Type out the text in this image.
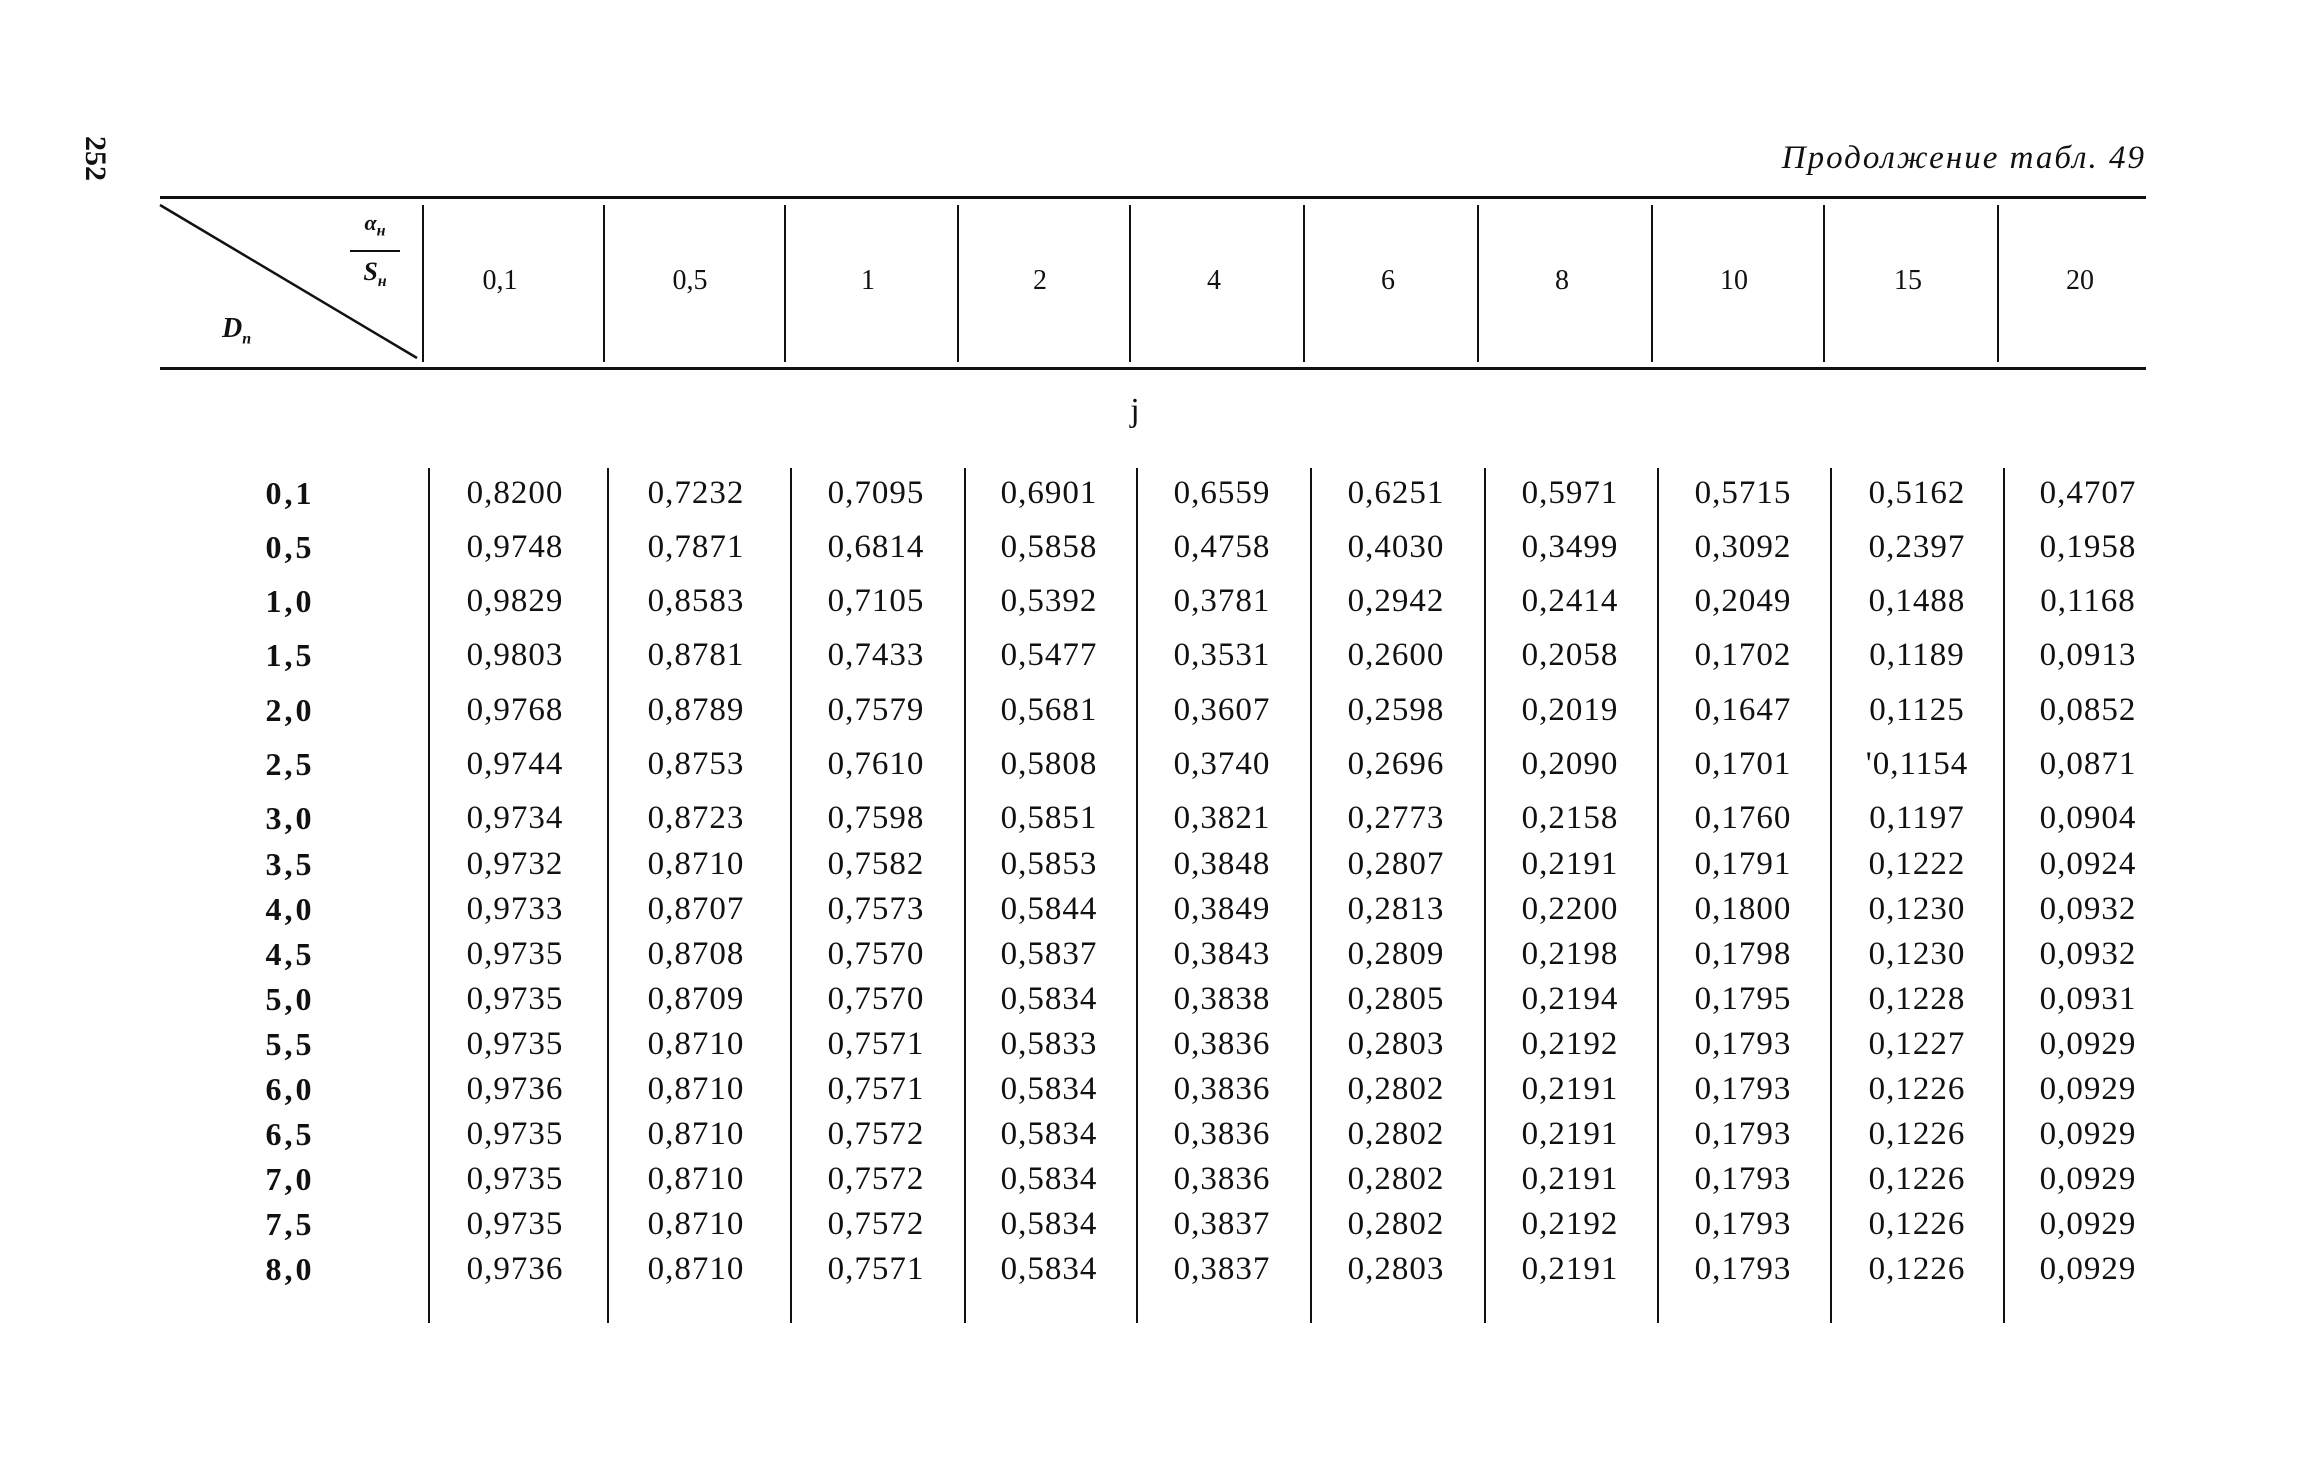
252	Продолжение табл. 49
$\alpha_н$
$S_н$
$D_п$
0,1	0,5	1	2	4	6	8	10	15	20
j
0,1	0,8200	0,7232	0,7095	0,6901	0,6559	0,6251	0,5971	0,5715	0,5162	0,4707
0,5	0,9748	0,7871	0,6814	0,5858	0,4758	0,4030	0,3499	0,3092	0,2397	0,1958
1,0	0,9829	0,8583	0,7105	0,5392	0,3781	0,2942	0,2414	0,2049	0,1488	0,1168
1,5	0,9803	0,8781	0,7433	0,5477	0,3531	0,2600	0,2058	0,1702	0,1189	0,0913
2,0	0,9768	0,8789	0,7579	0,5681	0,3607	0,2598	0,2019	0,1647	0,1125	0,0852
2,5	0,9744	0,8753	0,7610	0,5808	0,3740	0,2696	0,2090	0,1701	'0,1154	0,0871
3,0	0,9734	0,8723	0,7598	0,5851	0,3821	0,2773	0,2158	0,1760	0,1197	0,0904
3,5	0,9732	0,8710	0,7582	0,5853	0,3848	0,2807	0,2191	0,1791	0,1222	0,0924
4,0	0,9733	0,8707	0,7573	0,5844	0,3849	0,2813	0,2200	0,1800	0,1230	0,0932
4,5	0,9735	0,8708	0,7570	0,5837	0,3843	0,2809	0,2198	0,1798	0,1230	0,0932
5,0	0,9735	0,8709	0,7570	0,5834	0,3838	0,2805	0,2194	0,1795	0,1228	0,0931
5,5	0,9735	0,8710	0,7571	0,5833	0,3836	0,2803	0,2192	0,1793	0,1227	0,0929
6,0	0,9736	0,8710	0,7571	0,5834	0,3836	0,2802	0,2191	0,1793	0,1226	0,0929
6,5	0,9735	0,8710	0,7572	0,5834	0,3836	0,2802	0,2191	0,1793	0,1226	0,0929
7,0	0,9735	0,8710	0,7572	0,5834	0,3836	0,2802	0,2191	0,1793	0,1226	0,0929
7,5	0,9735	0,8710	0,7572	0,5834	0,3837	0,2802	0,2192	0,1793	0,1226	0,0929
8,0	0,9736	0,8710	0,7571	0,5834	0,3837	0,2803	0,2191	0,1793	0,1226	0,0929
